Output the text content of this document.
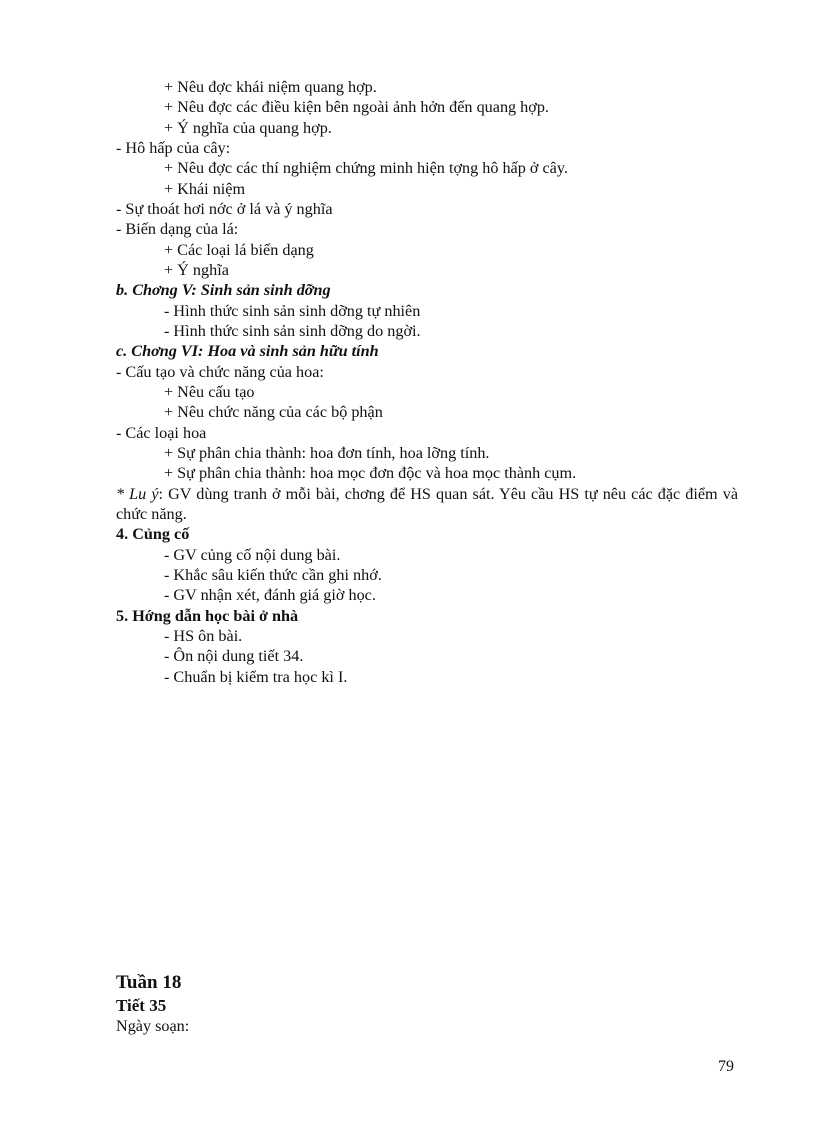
+ Nêu đợc khái niệm quang hợp.
+ Nêu đợc các điều kiện bên ngoài ảnh hởn đến quang hợp.
+ Ý nghĩa của quang hợp.
- Hô hấp của cây:
+ Nêu đợc các thí nghiệm chứng minh hiện tợng hô hấp ở cây.
+ Khái niệm
- Sự thoát hơi nớc ở lá và ý nghĩa
- Biến dạng của lá:
+ Các loại lá biến dạng
+ Ý nghĩa
b. Chơng V: Sinh sản sinh dỡng
- Hình thức sinh sản sinh dỡng tự nhiên
- Hình thức sinh sản sinh dỡng do ngời.
c. Chơng VI: Hoa và sinh sản hữu tính
- Cấu tạo và chức năng của hoa:
+ Nêu cấu tạo
+ Nêu chức năng của các bộ phận
- Các loại hoa
+ Sự phân chia thành: hoa đơn tính, hoa lỡng tính.
+ Sự phân chia thành: hoa mọc đơn độc và hoa mọc thành cụm.
* Lu ý: GV dùng tranh ở mỗi bài, chơng để HS quan sát. Yêu cầu HS tự nêu các đặc điểm và chức năng.
4. Củng cố
- GV củng cố nội dung bài.
- Khắc sâu kiến thức cần ghi nhớ.
- GV nhận xét, đánh giá giờ học.
5. Hớng dẫn học bài ở nhà
- HS ôn bài.
- Ôn nội dung tiết 34.
- Chuẩn bị kiểm tra học kì I.
Tuần 18
Tiết 35
Ngày soạn:
79
